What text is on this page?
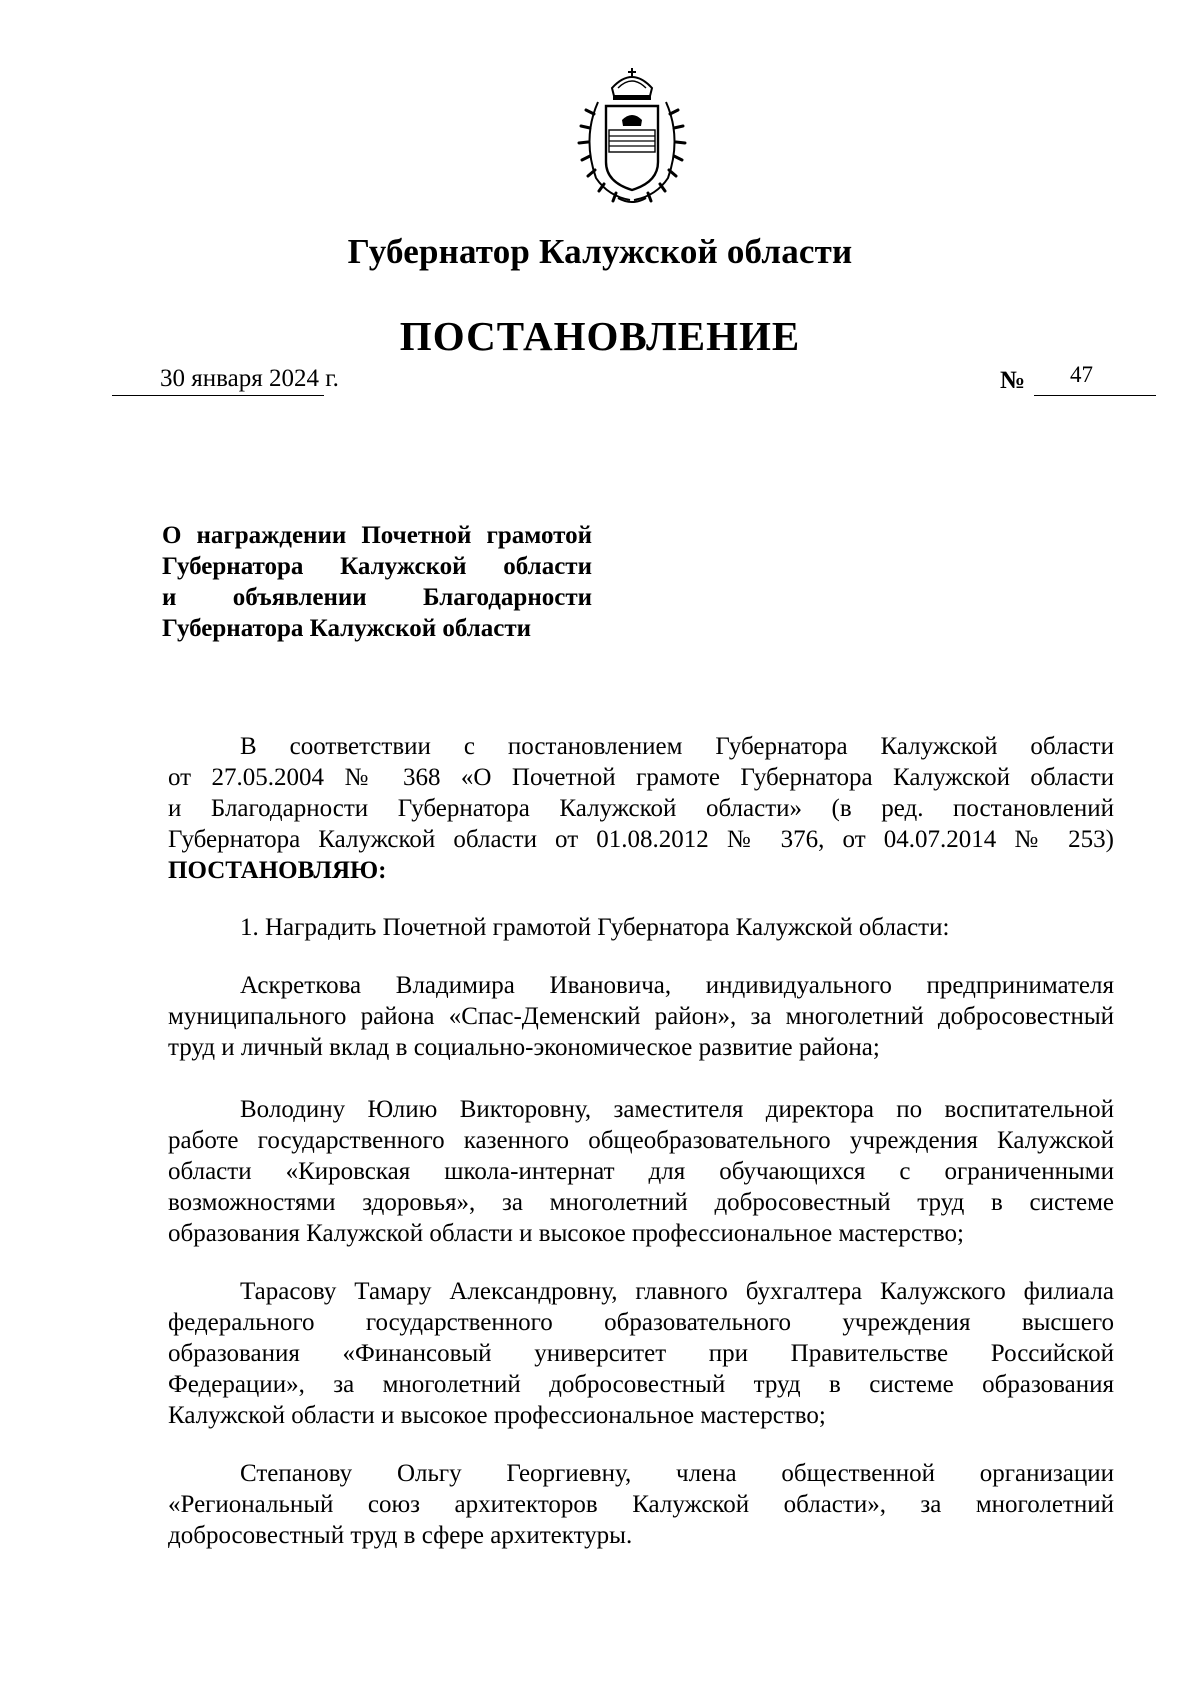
Губернатор Калужской области
ПОСТАНОВЛЕНИЕ
30 января 2024 г.	№ 47
О награждении Почетной грамотой
Губернатора Калужской области
и объявлении Благодарности
Губернатора Калужской области
В соответствии с постановлением Губернатора Калужской области
от 27.05.2004 № 368 «О Почетной грамоте Губернатора Калужской области
и Благодарности Губернатора Калужской области» (в ред. постановлений
Губернатора Калужской области от 01.08.2012 № 376, от 04.07.2014 № 253)
ПОСТАНОВЛЯЮ:
1. Наградить Почетной грамотой Губернатора Калужской области:
Аскреткова Владимира Ивановича, индивидуального предпринимателя
муниципального района «Спас-Деменский район», за многолетний добросовестный
труд и личный вклад в социально-экономическое развитие района;
Володину Юлию Викторовну, заместителя директора по воспитательной
работе государственного казенного общеобразовательного учреждения Калужской
области «Кировская школа-интернат для обучающихся с ограниченными
возможностями здоровья», за многолетний добросовестный труд в системе
образования Калужской области и высокое профессиональное мастерство;
Тарасову Тамару Александровну, главного бухгалтера Калужского филиала
федерального государственного образовательного учреждения высшего
образования «Финансовый университет при Правительстве Российской
Федерации», за многолетний добросовестный труд в системе образования
Калужской области и высокое профессиональное мастерство;
Степанову Ольгу Георгиевну, члена общественной организации
«Региональный союз архитекторов Калужской области», за многолетний
добросовестный труд в сфере архитектуры.
